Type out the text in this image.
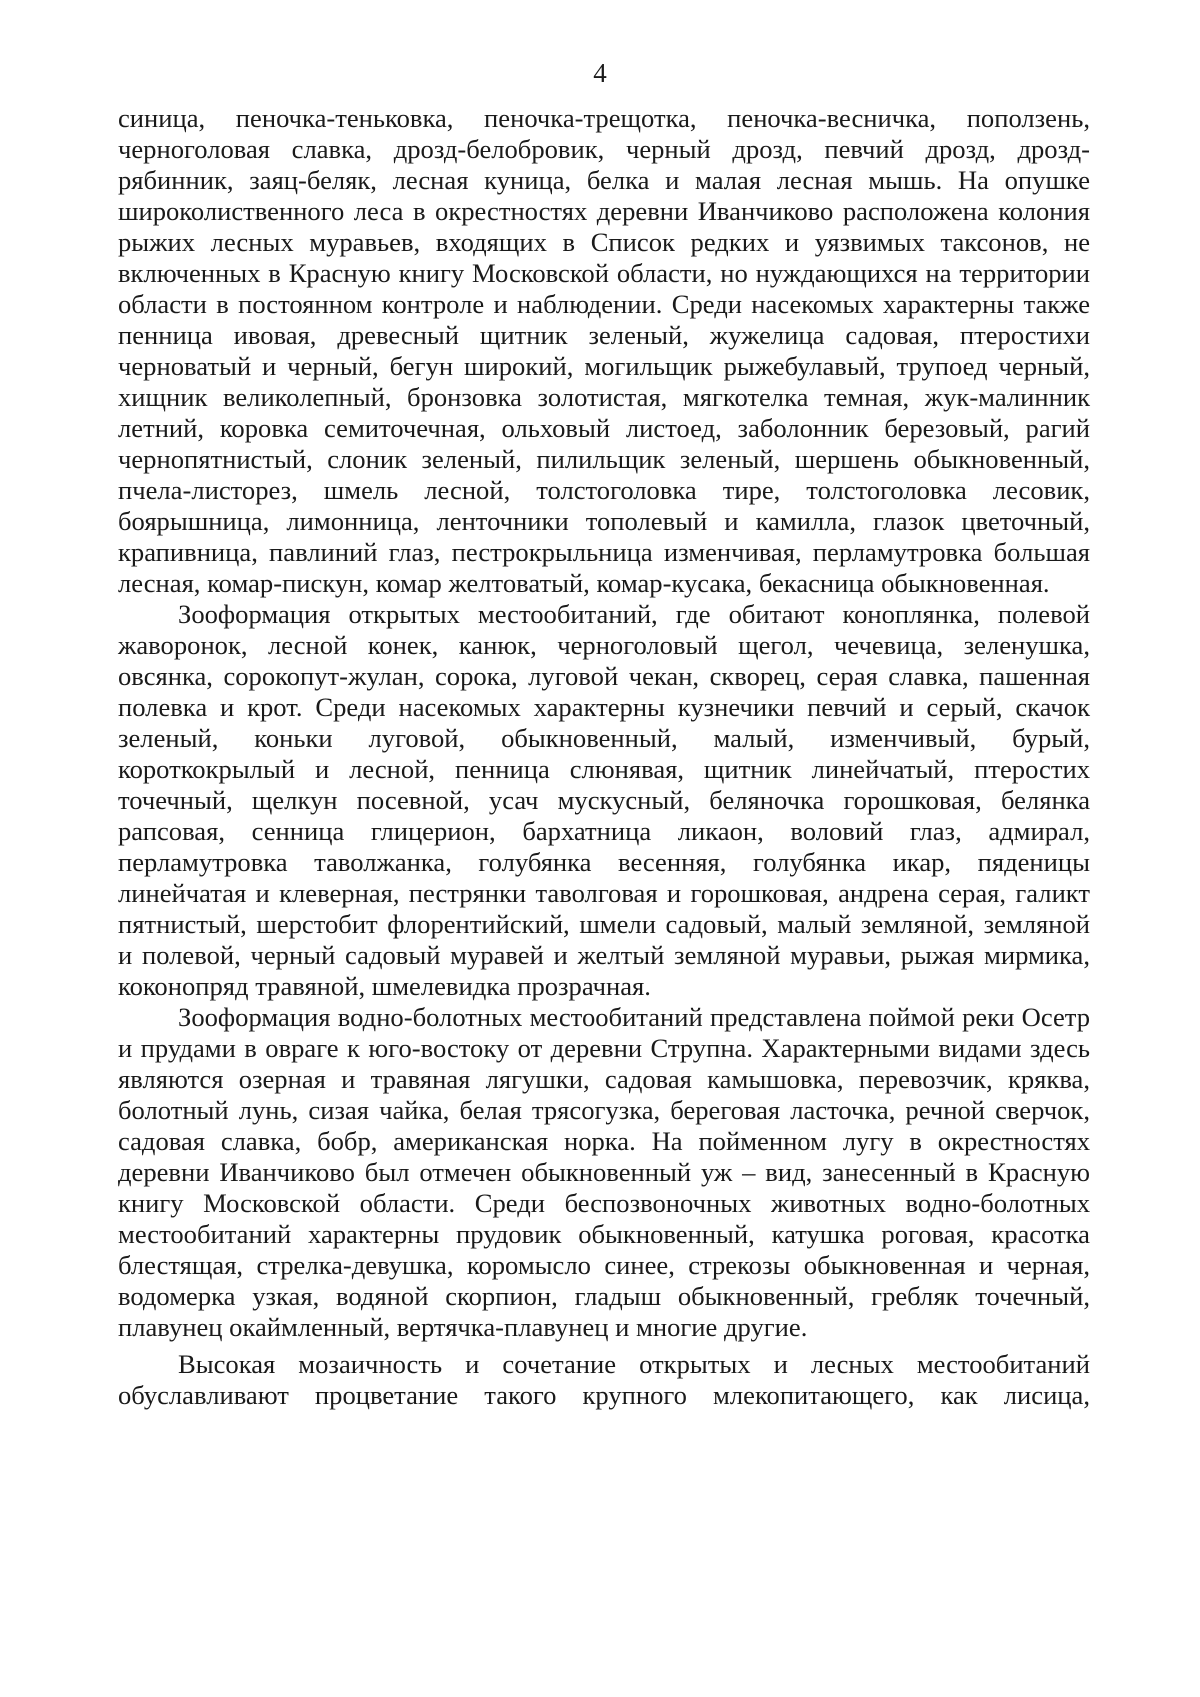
4

синица, пеночка-теньковка, пеночка-трещотка, пеночка-весничка, поползень, черноголовая славка, дрозд-белобровик, черный дрозд, певчий дрозд, дрозд-рябинник, заяц-беляк, лесная куница, белка и малая лесная мышь. На опушке широколиственного леса в окрестностях деревни Иванчиково расположена колония рыжих лесных муравьев, входящих в Список редких и уязвимых таксонов, не включенных в Красную книгу Московской области, но нуждающихся на территории области в постоянном контроле и наблюдении. Среди насекомых характерны также пенница ивовая, древесный щитник зеленый, жужелица садовая, птеростихи черноватый и черный, бегун широкий, могильщик рыжебулавый, трупоед черный, хищник великолепный, бронзовка золотистая, мягкотелка темная, жук-малинник летний, коровка семиточечная, ольховый листоед, заболонник березовый, рагий чернопятнистый, слоник зеленый, пилильщик зеленый, шершень обыкновенный, пчела-листорез, шмель лесной, толстоголовка тире, толстоголовка лесовик, боярышница, лимонница, ленточники тополевый и камилла, глазок цветочный, крапивница, павлиний глаз, пестрокрыльница изменчивая, перламутровка большая лесная, комар-пискун, комар желтоватый, комар-кусака, бекасница обыкновенная.

Зооформация открытых местообитаний, где обитают коноплянка, полевой жаворонок, лесной конек, канюк, черноголовый щегол, чечевица, зеленушка, овсянка, сорокопут-жулан, сорока, луговой чекан, скворец, серая славка, пашенная полевка и крот. Среди насекомых характерны кузнечики певчий и серый, скачок зеленый, коньки луговой, обыкновенный, малый, изменчивый, бурый, короткокрылый и лесной, пенница слюнявая, щитник линейчатый, птеростих точечный, щелкун посевной, усач мускусный, беляночка горошковая, белянка рапсовая, сенница глицерион, бархатница ликаон, воловий глаз, адмирал, перламутровка таволжанка, голубянка весенняя, голубянка икар, пяденицы линейчатая и клеверная, пестрянки таволговая и горошковая, андрена серая, галикт пятнистый, шерстобит флорентийский, шмели садовый, малый земляной, земляной и полевой, черный садовый муравей и желтый земляной муравьи, рыжая мирмика, коконопряд травяной, шмелевидка прозрачная.

Зооформация водно-болотных местообитаний представлена поймой реки Осетр и прудами в овраге к юго-востоку от деревни Струпна. Характерными видами здесь являются озерная и травяная лягушки, садовая камышовка, перевозчик, кряква, болотный лунь, сизая чайка, белая трясогузка, береговая ласточка, речной сверчок, садовая славка, бобр, американская норка. На пойменном лугу в окрестностях деревни Иванчиково был отмечен обыкновенный уж – вид, занесенный в Красную книгу Московской области. Среди беспозвоночных животных водно-болотных местообитаний характерны прудовик обыкновенный, катушка роговая, красотка блестящая, стрелка-девушка, коромысло синее, стрекозы обыкновенная и черная, водомерка узкая, водяной скорпион, гладыш обыкновенный, гребляк точечный, плавунец окаймленный, вертячка-плавунец и многие другие.

Высокая мозаичность и сочетание открытых и лесных местообитаний обуславливают процветание такого крупного млекопитающего, как лисица,
